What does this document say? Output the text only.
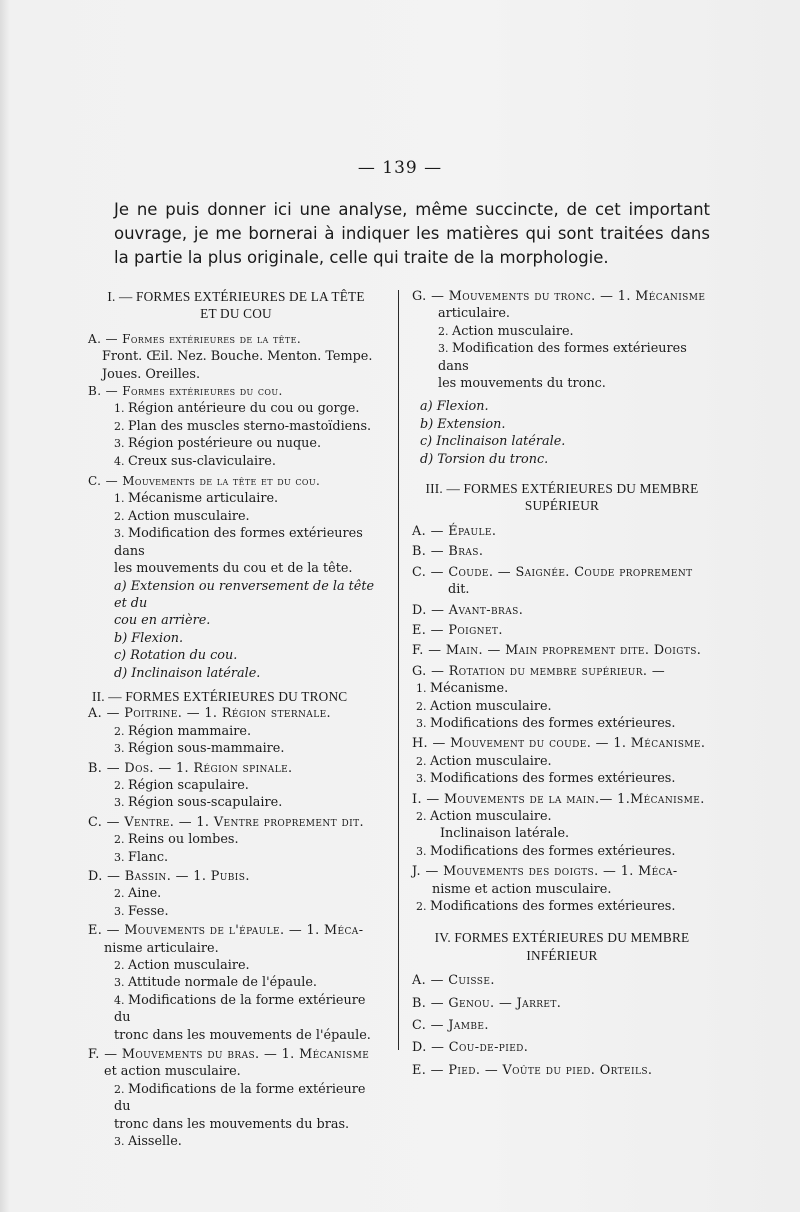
— 139 —
Je ne puis donner ici une analyse, même succincte, de cet important ouvrage, je me bornerai à indiquer les matières qui sont traitées dans la partie la plus originale, celle qui traite de la morphologie.
I. — FORMES EXTÉRIEURES DE LA TÊTE
ET DU COU
A. — Formes extérieures de la tête.
Front. Œil. Nez. Bouche. Menton. Tempe.
Joues. Oreilles.
B. — Formes extérieures du cou.
1. Région antérieure du cou ou gorge.
2. Plan des muscles sterno-mastoïdiens.
3. Région postérieure ou nuque.
4. Creux sus-claviculaire.
C. — Mouvements de la tête et du cou.
1. Mécanisme articulaire.
2. Action musculaire.
3. Modification des formes extérieures dans
les mouvements du cou et de la tête.
a) Extension ou renversement de la tête et du
cou en arrière.
b) Flexion.
c) Rotation du cou.
d) Inclinaison latérale.
II. — FORMES EXTÉRIEURES DU TRONC
A. — Poitrine. — 1. Région sternale.
2. Région mammaire.
3. Région sous-mammaire.
B. — Dos. — 1. Région spinale.
2. Région scapulaire.
3. Région sous-scapulaire.
C. — Ventre. — 1. Ventre proprement dit.
2. Reins ou lombes.
3. Flanc.
D. — Bassin. — 1. Pubis.
2. Aine.
3. Fesse.
E. — Mouvements de l'épaule. — 1. Méca-
nisme articulaire.
2. Action musculaire.
3. Attitude normale de l'épaule.
4. Modifications de la forme extérieure du
tronc dans les mouvements de l'épaule.
F. — Mouvements du bras. — 1. Mécanisme
et action musculaire.
2. Modifications de la forme extérieure du
tronc dans les mouvements du bras.
3. Aisselle.
G. — Mouvements du tronc. — 1. Mécanisme
articulaire.
2. Action musculaire.
3. Modification des formes extérieures dans
les mouvements du tronc.
a) Flexion.
b) Extension.
c) Inclinaison latérale.
d) Torsion du tronc.
III. — FORMES EXTÉRIEURES DU MEMBRE
SUPÉRIEUR
A. — Épaule.
B. — Bras.
C. — Coude. — Saignée. Coude proprement
dit.
D. — Avant-bras.
E. — Poignet.
F. — Main. — Main proprement dite. Doigts.
G. — Rotation du membre supérieur. —
1. Mécanisme.
2. Action musculaire.
3. Modifications des formes extérieures.
H. — Mouvement du coude. — 1. Mécanisme.
2. Action musculaire.
3. Modifications des formes extérieures.
I. — Mouvements de la main.— 1.Mécanisme.
2. Action musculaire.
Inclinaison latérale.
3. Modifications des formes extérieures.
J. — Mouvements des doigts. — 1. Méca-
nisme et action musculaire.
2. Modifications des formes extérieures.
IV. FORMES EXTÉRIEURES DU MEMBRE
INFÉRIEUR
A. — Cuisse.
B. — Genou. — Jarret.
C. — Jambe.
D. — Cou-de-pied.
E. — Pied. — Voûte du pied. Orteils.
